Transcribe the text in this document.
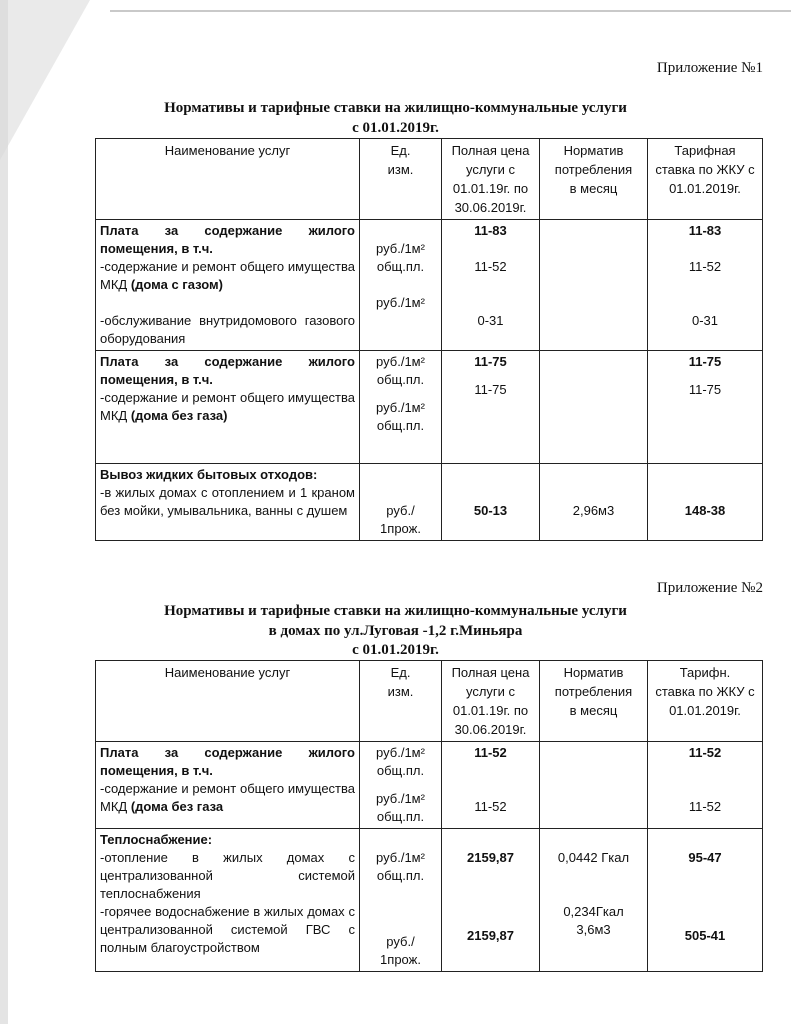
Приложение №1
Нормативы и тарифные ставки на жилищно-коммунальные услуги
с 01.01.2019г.
Наименование услуг	Ед.
изм.	Полная цена
услуги с
01.01.19г. по
30.06.2019г.	Норматив
потребления
в месяц	Тарифная
ставка по ЖКУ с
01.01.2019г.

Плата за содержание жилого помещения, в т.ч.
-содержание и ремонт общего имущества МКД (дома с газом)
-обслуживание внутридомового газового оборудования	руб./1м²
общ.пл.
руб./1м²	11-83
11-52
0-31		11-83
11-52
0-31

Плата за содержание жилого помещения, в т.ч.
-содержание и ремонт общего имущества МКД (дома без газа)	руб./1м²
общ.пл.
руб./1м²
общ.пл.	11-75
11-75		11-75
11-75

Вывоз жидких бытовых отходов:
-в жилых домах с отоплением и 1 краном без мойки, умывальника, ванны с душем	руб./
1прож.	50-13	2,96м3	148-38
Приложение №2
Нормативы и тарифные ставки на жилищно-коммунальные услуги
в домах по ул.Луговая -1,2 г.Миньяра
с 01.01.2019г.
Наименование услуг	Ед.
изм.	Полная цена
услуги с
01.01.19г. по
30.06.2019г.	Норматив
потребления
в месяц	Тарифн.
ставка по ЖКУ с
01.01.2019г.

Плата за содержание жилого помещения, в т.ч.
-содержание и ремонт общего имущества МКД (дома без газа	руб./1м²
общ.пл.
руб./1м²
общ.пл.	11-52
11-52		11-52
11-52

Теплоснабжение:
-отопление в жилых домах с централизованной системой теплоснабжения
-горячее водоснабжение в жилых домах с централизованной системой ГВС с полным благоустройством	руб./1м²
общ.пл.
руб./
1прож.	2159,87
2159,87	0,0442 Гкал
0,234Гкал
3,6м3	95-47
505-41
